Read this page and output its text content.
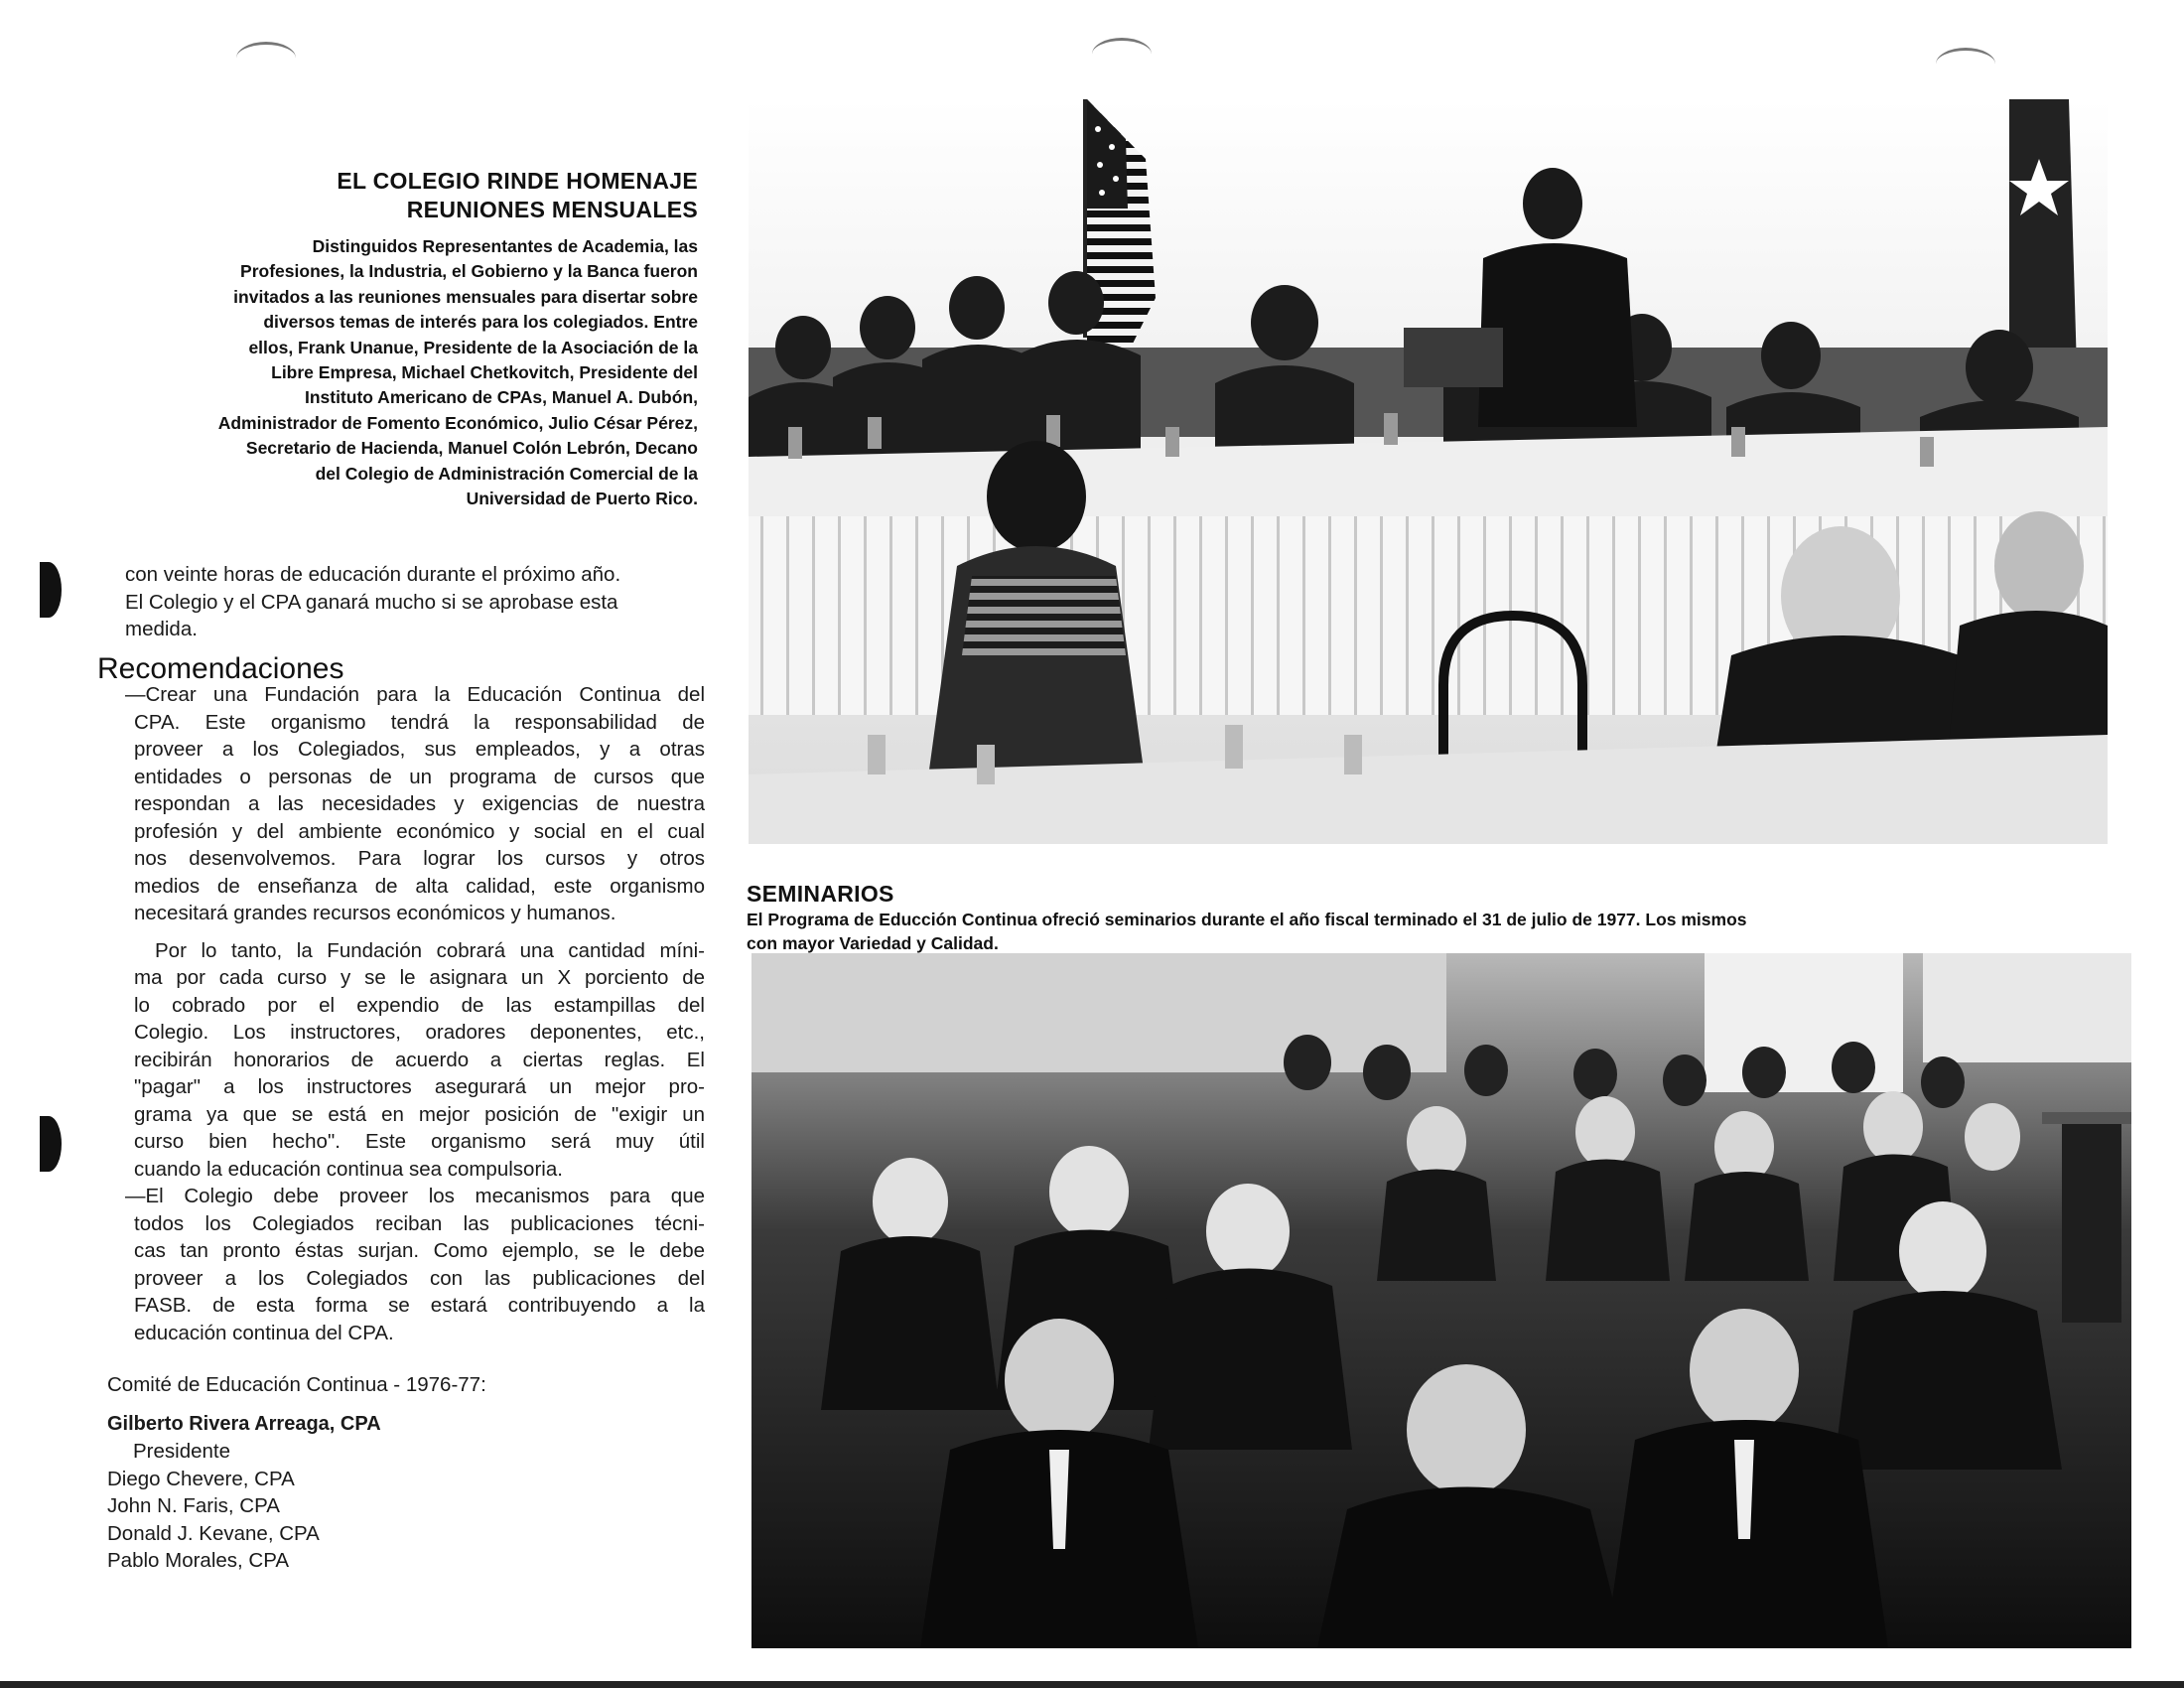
EL COLEGIO RINDE HOMENAJE
REUNIONES MENSUALES
Distinguidos Representantes de Academia, las
Profesiones, la Industria, el Gobierno y la Banca fueron
invitados a las reuniones mensuales para disertar sobre
diversos temas de interés para los colegiados. Entre
ellos, Frank Unanue, Presidente de la Asociación de la
Libre Empresa, Michael Chetkovitch, Presidente del
Instituto Americano de CPAs, Manuel A. Dubón,
Administrador de Fomento Económico, Julio César Pérez,
Secretario de Hacienda, Manuel Colón Lebrón, Decano
del Colegio de Administración Comercial de la
Universidad de Puerto Rico.
con veinte horas de educación durante el próximo año.
El Colegio y el CPA ganará mucho si se aprobase esta
medida.
Recomendaciones
—Crear una Fundación para la Educación Continua del
CPA. Este organismo tendrá la responsabilidad de
proveer a los Colegiados, sus empleados, y a otras
entidades o personas de un programa de cursos que
respondan a las necesidades y exigencias de nuestra
profesión y del ambiente económico y social en el cual
nos desenvolvemos. Para lograr los cursos y otros
medios de enseñanza de alta calidad, este organismo
necesitará grandes recursos económicos y humanos.
Por lo tanto, la Fundación cobrará una cantidad míni-
ma por cada curso y se le asignara un X porciento de
lo cobrado por el expendio de las estampillas del
Colegio. Los instructores, oradores deponentes, etc.,
recibirán honorarios de acuerdo a ciertas reglas. El
"pagar" a los instructores asegurará un mejor pro-
grama ya que se está en mejor posición de "exigir un
curso bien hecho". Este organismo será muy útil
cuando la educación continua sea compulsoria.
—El Colegio debe proveer los mecanismos para que
todos los Colegiados reciban las publicaciones técni-
cas tan pronto éstas surjan. Como ejemplo, se le debe
proveer a los Colegiados con las publicaciones del
FASB. de esta forma se estará contribuyendo a la
educación continua del CPA.
Comité de Educación Continua - 1976-77:
Gilberto Rivera Arreaga, CPA
Presidente
Diego Chevere, CPA
John N. Faris, CPA
Donald J. Kevane, CPA
Pablo Morales, CPA
SEMINARIOS
El Programa de Educción Continua ofreció seminarios durante el año fiscal terminado el 31 de julio de 1977. Los mismos
con mayor Variedad y Calidad.
